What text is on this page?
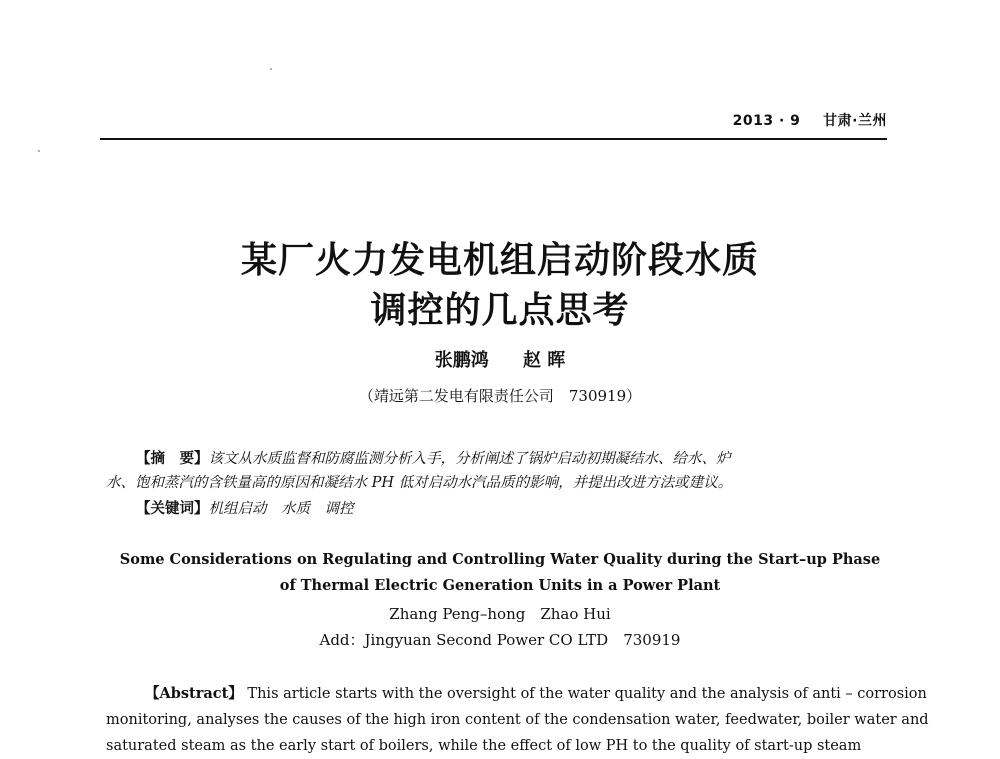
2013 · 9 甘肃·兰州
某厂火力发电机组启动阶段水质
调控的几点思考
张鹏鸿 赵 晖
（靖远第二发电有限责任公司　730919）
【摘　要】该文从水质监督和防腐监测分析入手，分析阐述了锅炉启动初期凝结水、给水、炉
水、饱和蒸汽的含铁量高的原因和凝结水 PH 低对启动水汽品质的影响，并提出改进方法或建议。
【关键词】机组启动　水质　调控
Some Considerations on Regulating and Controlling Water Quality during the Start–up Phase
of Thermal Electric Generation Units in a Power Plant
Zhang Peng–hong　Zhao Hui
Add：Jingyuan Second Power CO LTD　730919
【Abstract】 This article starts with the oversight of the water quality and the analysis of anti – corrosion
monitoring, analyses the causes of the high iron content of the condensation water, feedwater, boiler water and
saturated steam as the early start of boilers, while the effect of low PH to the quality of start-up steam
